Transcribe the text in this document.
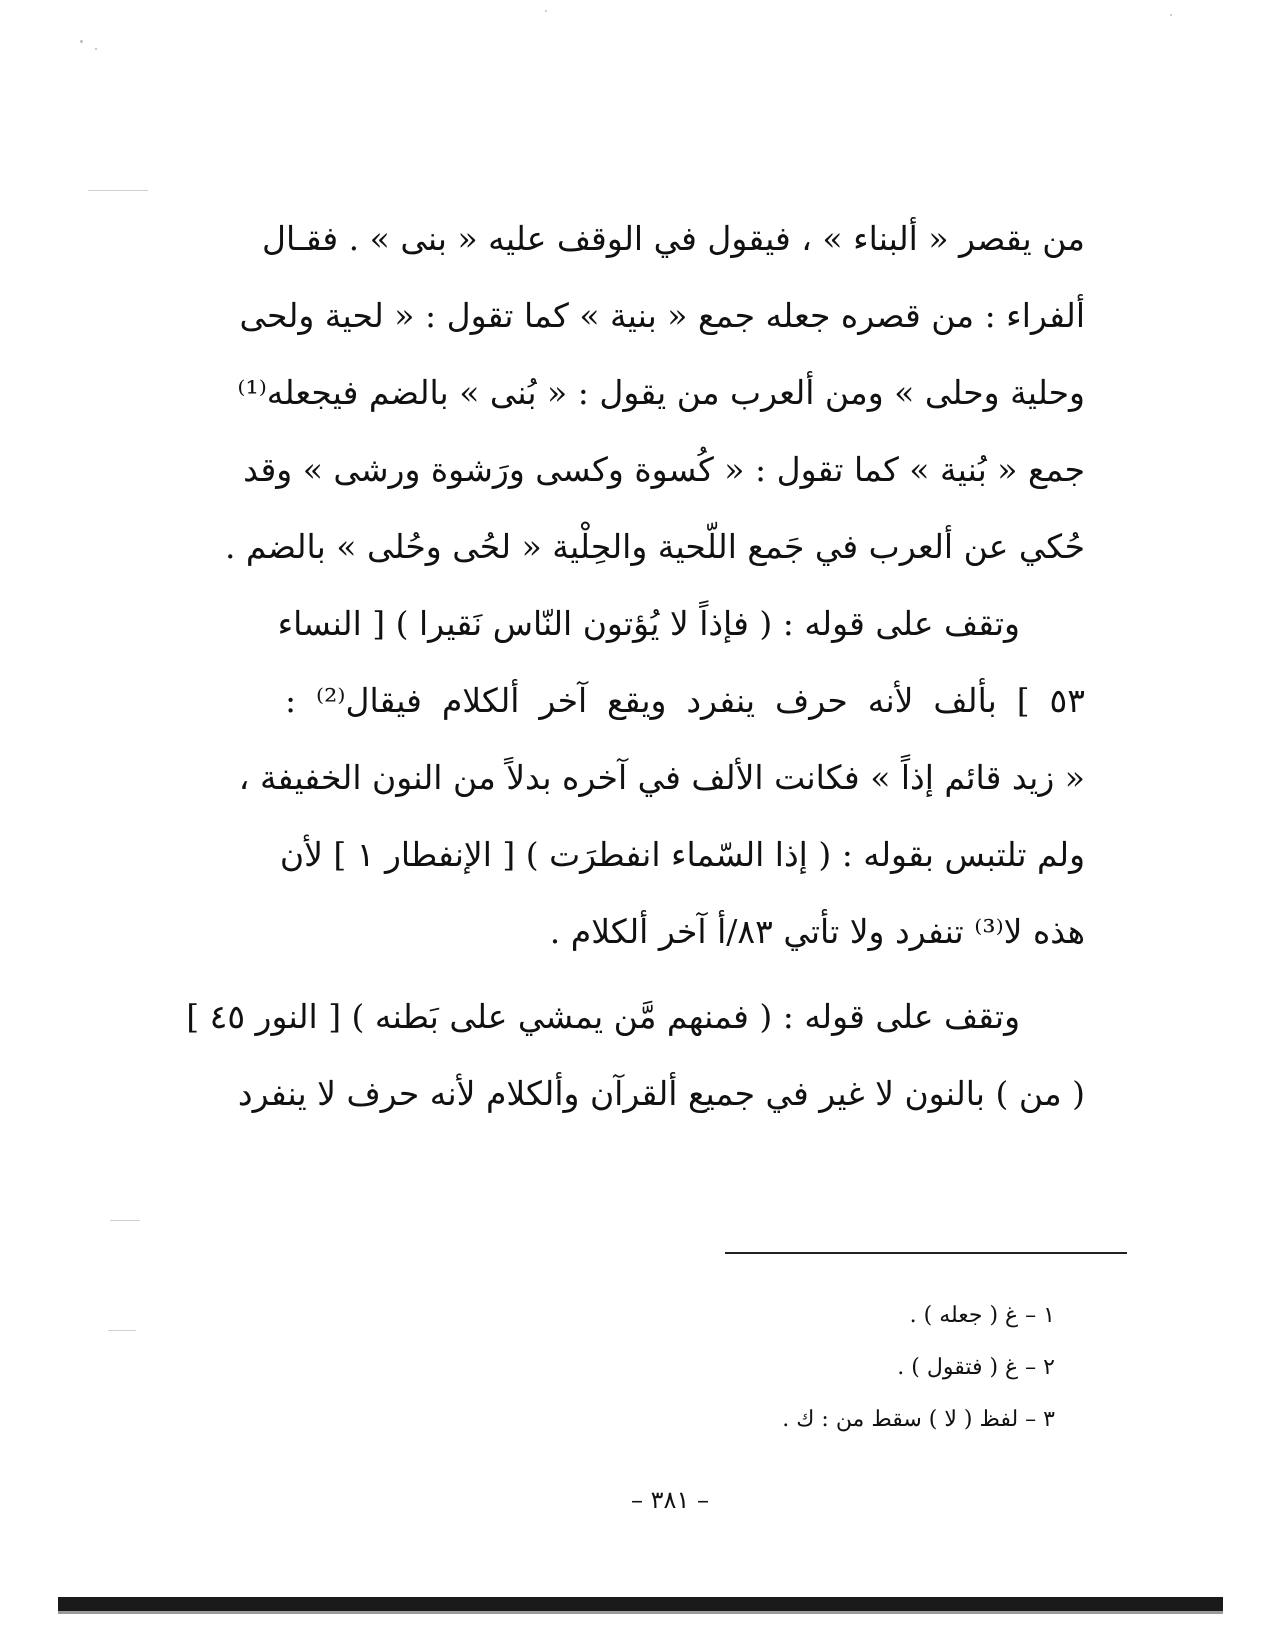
من يقصر « ألبناء » ، فيقول في الوقف عليه « بنى » . فقـال
ألفراء : من قصره جعله جمع « بنية » كما تقول : « لحية ولحى
وحلية وحلى » ومن ألعرب من يقول : « بُنى » بالضم فيجعله⁽¹⁾
جمع « بُنية » كما تقول : « كُسوة وكسى ورَشوة ورشى » وقد
حُكي عن ألعرب في جَمع اللّحية والحِلْية « لحُى وحُلى » بالضم .
وتقف على قوله : ( فإذاً لا يُؤتون النّاس نَقيرا ) [ النساء
٥٣ ] بألف لأنه حرف ينفرد ويقع آخر ألكلام فيقال⁽²⁾ :
« زيد قائم إذاً » فكانت الألف في آخره بدلاً من النون الخفيفة ،
ولم تلتبس بقوله : ( إذا السّماء انفطرَت ) [ الإنفطار ١ ] لأن
هذه لا⁽³⁾ تنفرد ولا تأتي ٨٣/أ آخر ألكلام .
وتقف على قوله : ( فمنهم مَّن يمشي على بَطنه ) [ النور ٤٥ ]
( من ) بالنون لا غير في جميع ألقرآن وألكلام لأنه حرف لا ينفرد
١ – غ ( جعله ) .
٢ – غ ( فتقول ) .
٣ – لفظ ( لا ) سقط من : ك .
– ٣٨١ –
